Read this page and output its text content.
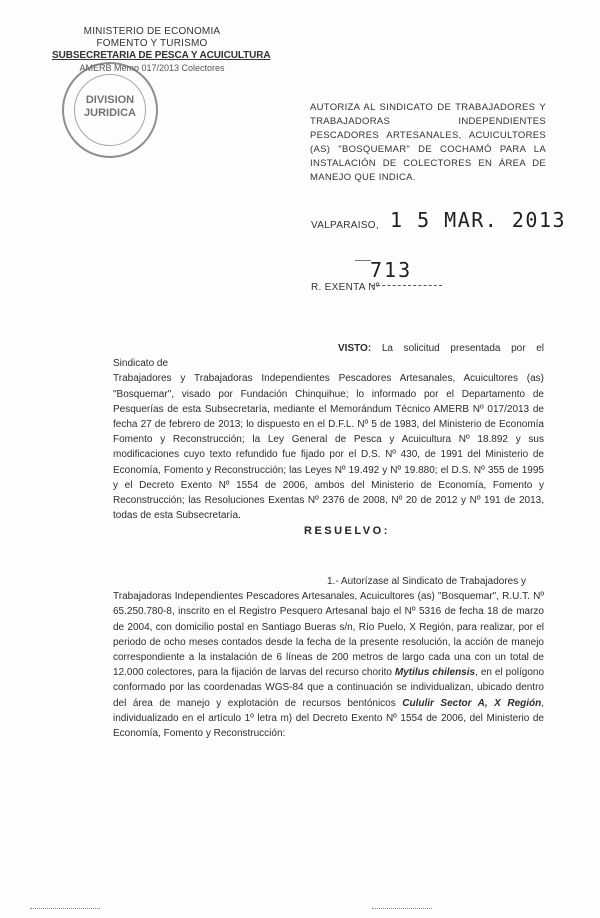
MINISTERIO DE ECONOMIA
FOMENTO Y TURISMO
SUBSECRETARIA DE PESCA Y ACUICULTURA
AMERB Memo 017/2013 Colectores
DIVISION
JURIDICA	AUTORIZA AL SINDICATO DE TRABAJADORES Y TRABAJADORAS INDEPENDIENTES PESCADORES ARTESANALES, ACUICULTORES (AS) "BOSQUEMAR" DE COCHAMÓ PARA LA INSTALACIÓN DE COLECTORES EN ÁREA DE MANEJO QUE INDICA.
VALPARAISO, 1 5 MAR. 2013
713
R. EXENTA Nº
VISTO: La solicitud presentada por el Sindicato de
Trabajadores y Trabajadoras Independientes Pescadores Artesanales, Acuicultores (as) "Bosquemar", visado por Fundación Chinquihue; lo informado por el Departamento de Pesquerías de esta Subsecretaría, mediante el Memorándum Técnico AMERB Nº 017/2013 de fecha 27 de febrero de 2013; lo dispuesto en el D.F.L. Nº 5 de 1983, del Ministerio de Economía Fomento y Reconstrucción; la Ley General de Pesca y Acuicultura Nº 18.892 y sus modificaciones cuyo texto refundido fue fijado por el D.S. Nº 430, de 1991 del Ministerio de Economía, Fomento y Reconstrucción; las Leyes Nº 19.492 y Nº 19.880; el D.S. Nº 355 de 1995 y el Decreto Exento Nº 1554 de 2006, ambos del Ministerio de Economía, Fomento y Reconstrucción; las Resoluciones Exentas Nº 2376 de 2008, Nº 20 de 2012 y Nº 191 de 2013, todas de esta Subsecretaría.
RESUELVO:
1.- Autorízase al Sindicato de Trabajadores y
Trabajadoras Independientes Pescadores Artesanales, Acuicultores (as) "Bosquemar", R.U.T. Nº 65.250.780-8, inscrito en el Registro Pesquero Artesanal bajo el Nº 5316 de fecha 18 de marzo de 2004, con domicilio postal en Santiago Bueras s/n, Río Puelo, X Región, para realizar, por el periodo de ocho meses contados desde la fecha de la presente resolución, la acción de manejo correspondiente a la instalación de 6 líneas de 200 metros de largo cada una con un total de 12.000 colectores, para la fijación de larvas del recurso chorito Mytilus chilensis, en el polígono conformado por las coordenadas WGS-84 que a continuación se individualizan, ubicado dentro del área de manejo y explotación de recursos bentónicos Cululir Sector A, X Región, individualizado en el artículo 1º letra m) del Decreto Exento Nº 1554 de 2006, del Ministerio de Economía, Fomento y Reconstrucción:
